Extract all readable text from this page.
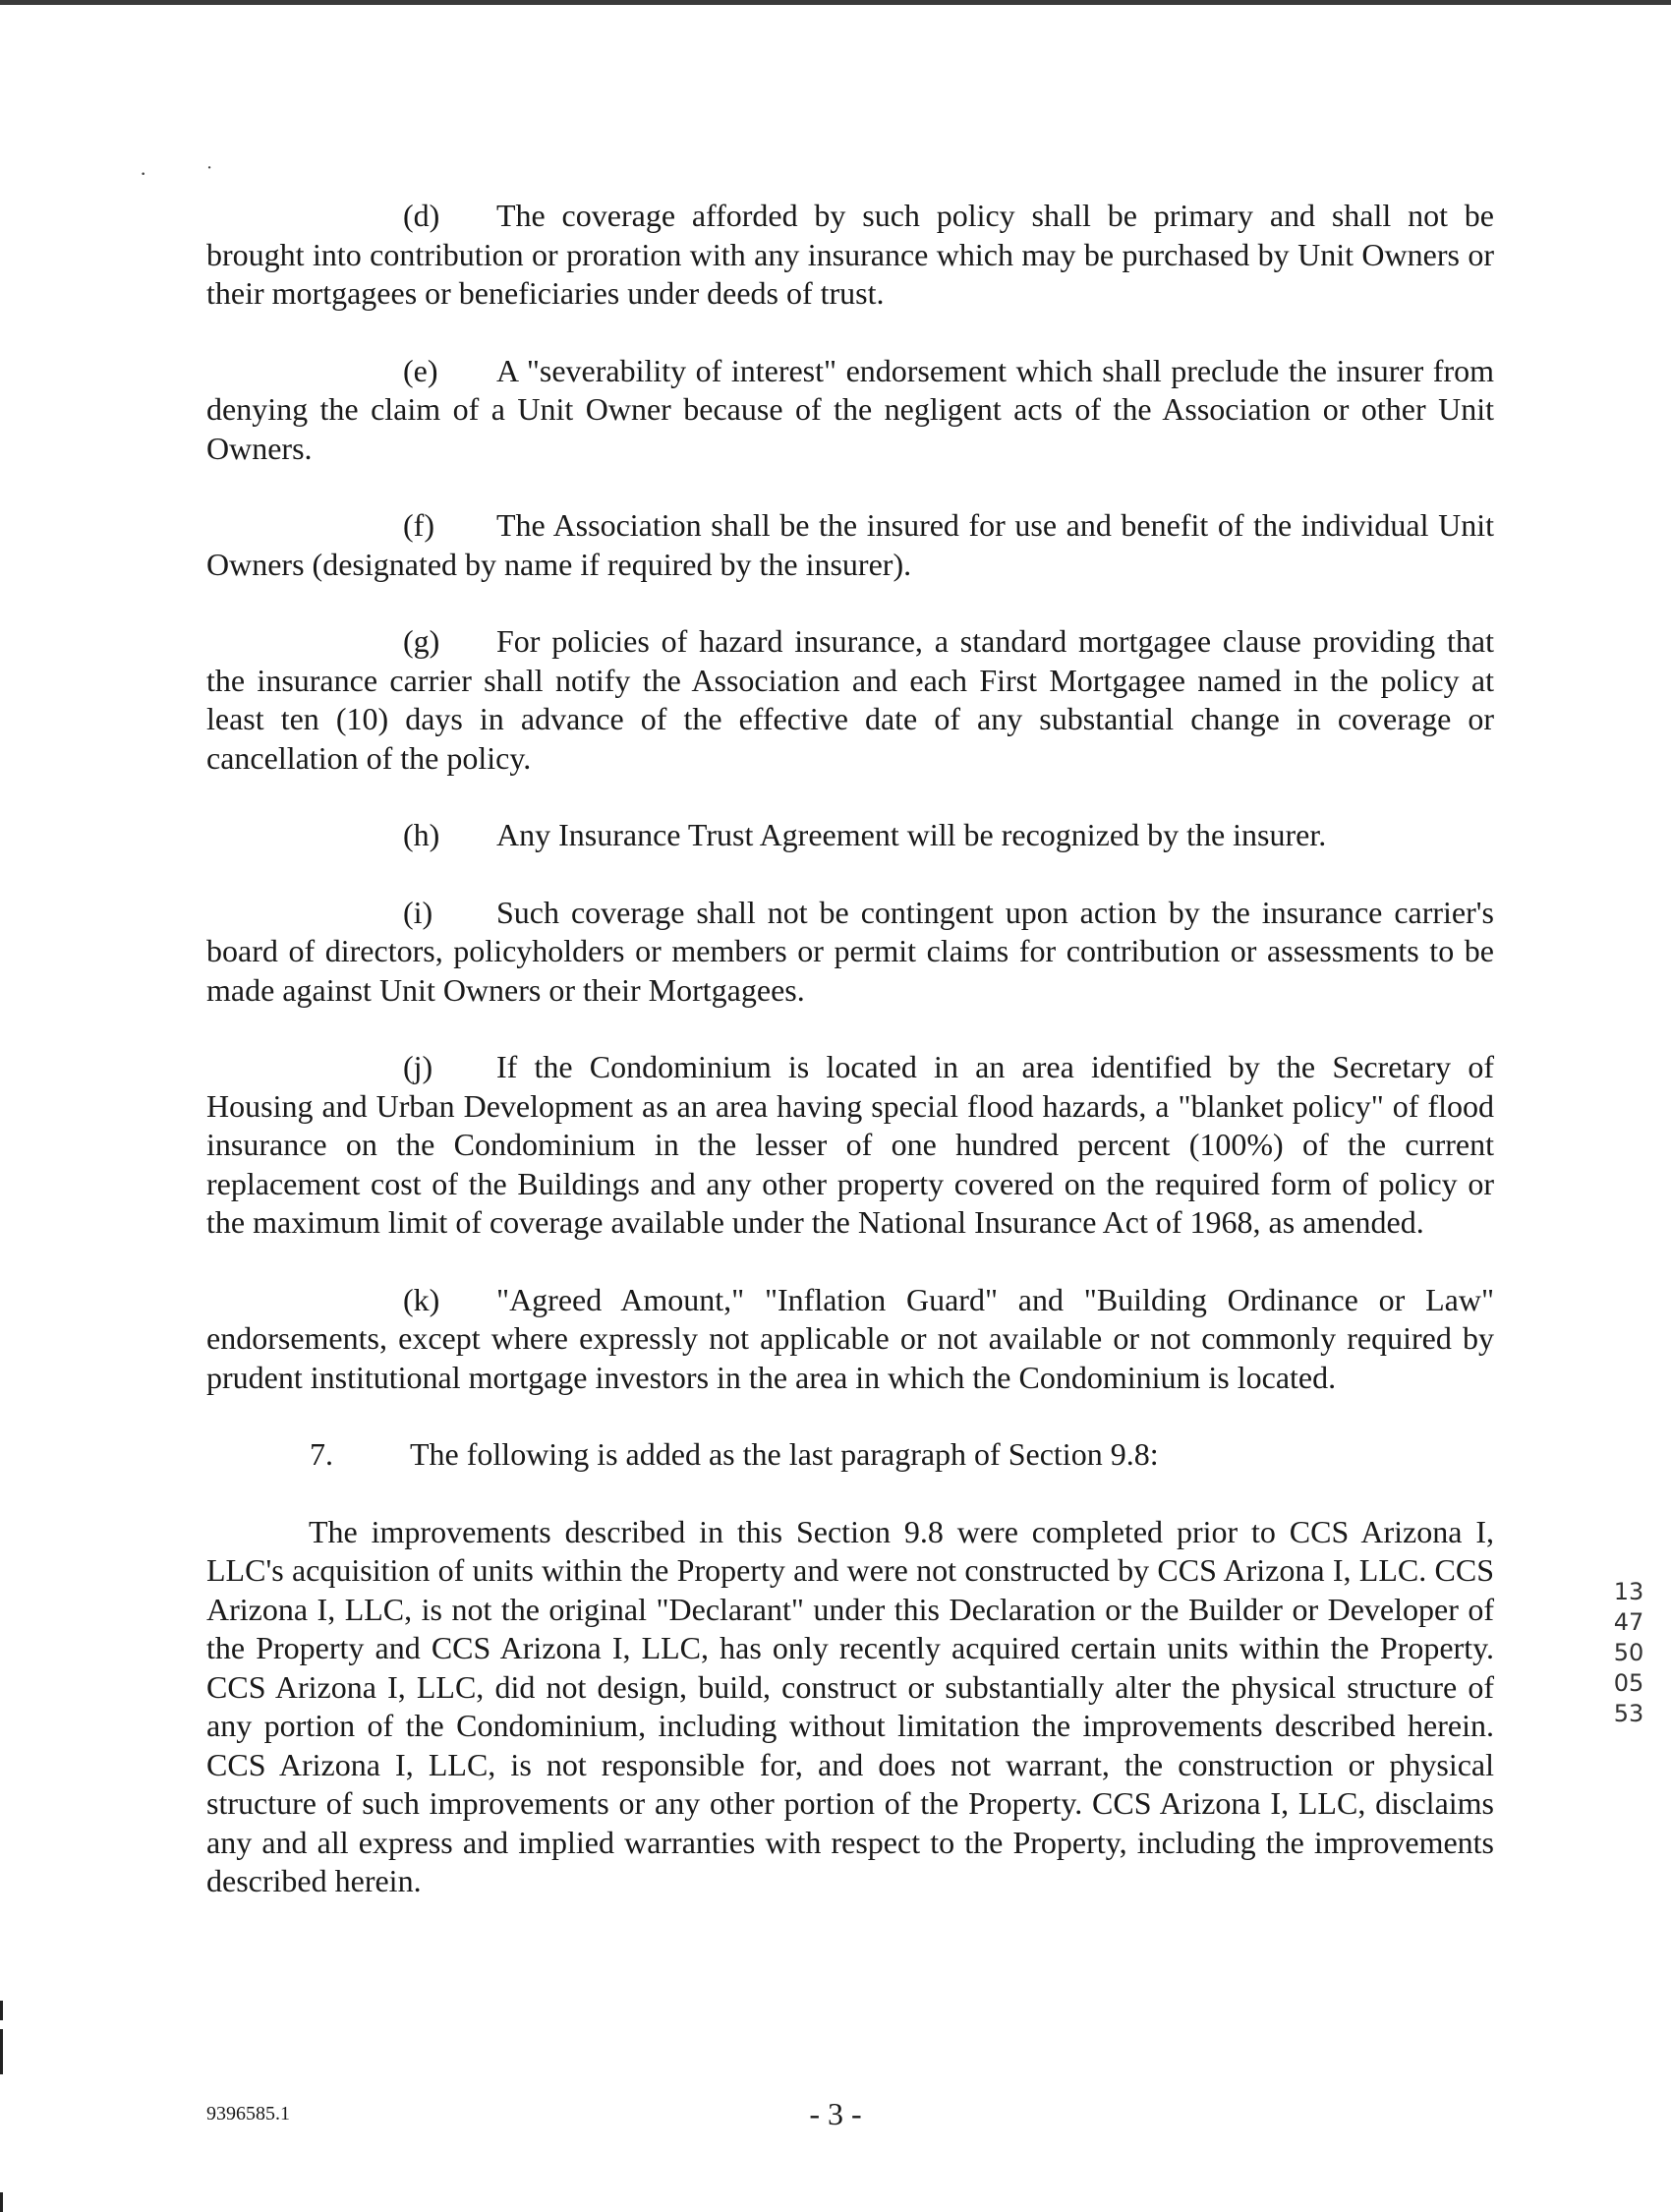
·˙

(d) The coverage afforded by such policy shall be primary and shall not be brought into contribution or proration with any insurance which may be purchased by Unit Owners or their mortgagees or beneficiaries under deeds of trust.

(e) A "severability of interest" endorsement which shall preclude the insurer from denying the claim of a Unit Owner because of the negligent acts of the Association or other Unit Owners.

(f) The Association shall be the insured for use and benefit of the individual Unit Owners (designated by name if required by the insurer).

(g) For policies of hazard insurance, a standard mortgagee clause providing that the insurance carrier shall notify the Association and each First Mortgagee named in the policy at least ten (10) days in advance of the effective date of any substantial change in coverage or cancellation of the policy.

(h) Any Insurance Trust Agreement will be recognized by the insurer.

(i) Such coverage shall not be contingent upon action by the insurance carrier's board of directors, policyholders or members or permit claims for contribution or assessments to be made against Unit Owners or their Mortgagees.

(j) If the Condominium is located in an area identified by the Secretary of Housing and Urban Development as an area having special flood hazards, a "blanket policy" of flood insurance on the Condominium in the lesser of one hundred percent (100%) of the current replacement cost of the Buildings and any other property covered on the required form of policy or the maximum limit of coverage available under the National Insurance Act of 1968, as amended.

(k) "Agreed Amount," "Inflation Guard" and "Building Ordinance or Law" endorsements, except where expressly not applicable or not available or not commonly required by prudent institutional mortgage investors in the area in which the Condominium is located.

7. The following is added as the last paragraph of Section 9.8:

The improvements described in this Section 9.8 were completed prior to CCS Arizona I, LLC's acquisition of units within the Property and were not constructed by CCS Arizona I, LLC. CCS Arizona I, LLC, is not the original "Declarant" under this Declaration or the Builder or Developer of the Property and CCS Arizona I, LLC, has only recently acquired certain units within the Property. CCS Arizona I, LLC, did not design, build, construct or substantially alter the physical structure of any portion of the Condominium, including without limitation the improvements described herein. CCS Arizona I, LLC, is not responsible for, and does not warrant, the construction or physical structure of such improvements or any other portion of the Property. CCS Arizona I, LLC, disclaims any and all express and implied warranties with respect to the Property, including the improvements described herein.

1347500553
9396585.1	- 3 -
